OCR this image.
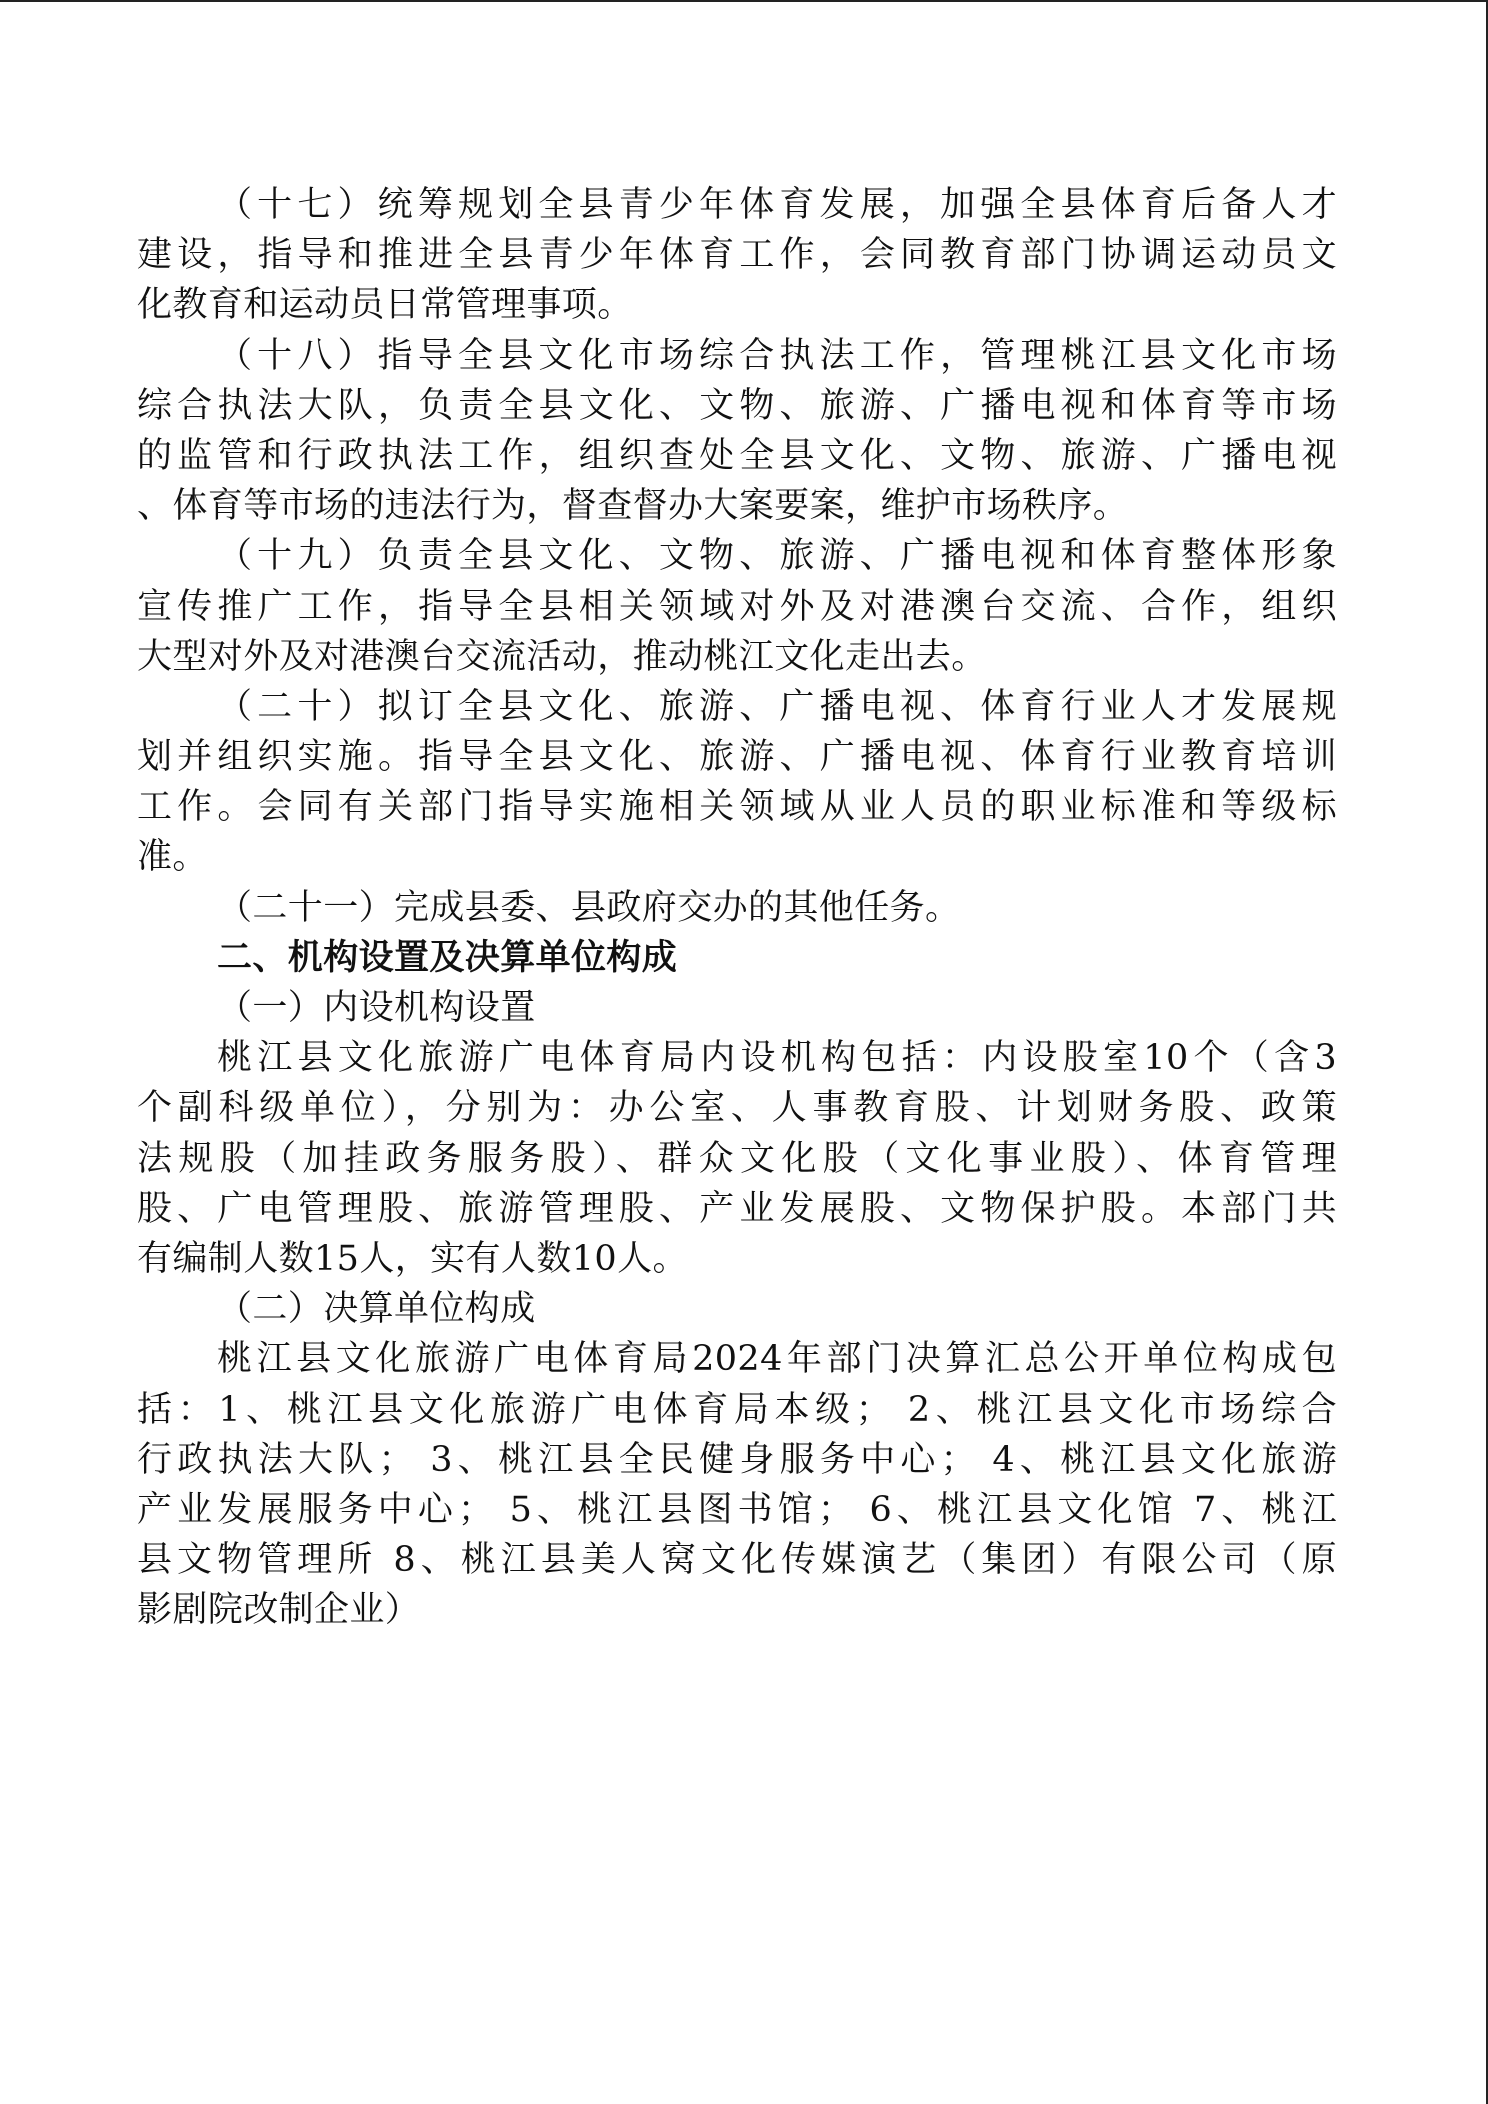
（十七）统筹规划全县青少年体育发展，加强全县体育后备人才
建设，指导和推进全县青少年体育工作，会同教育部门协调运动员文
化教育和运动员日常管理事项。

（十八）指导全县文化市场综合执法工作，管理桃江县文化市场
综合执法大队，负责全县文化、文物、旅游、广播电视和体育等市场
的监管和行政执法工作，组织查处全县文化、文物、旅游、广播电视
、体育等市场的违法行为，督查督办大案要案，维护市场秩序。

（十九）负责全县文化、文物、旅游、广播电视和体育整体形象
宣传推广工作，指导全县相关领域对外及对港澳台交流、合作，组织
大型对外及对港澳台交流活动，推动桃江文化走出去。

（二十）拟订全县文化、旅游、广播电视、体育行业人才发展规
划并组织实施。指导全县文化、旅游、广播电视、体育行业教育培训
工作。会同有关部门指导实施相关领域从业人员的职业标准和等级标
准。

（二十一）完成县委、县政府交办的其他任务。

二、机构设置及决算单位构成

（一）内设机构设置

桃江县文化旅游广电体育局内设机构包括：内设股室10个（含3
个副科级单位），分别为：办公室、人事教育股、计划财务股、政策
法规股（加挂政务服务股）、群众文化股（文化事业股）、体育管理
股、广电管理股、旅游管理股、产业发展股、文物保护股。本部门共
有编制人数15人，实有人数10人。

（二）决算单位构成

桃江县文化旅游广电体育局2024年部门决算汇总公开单位构成包
括：1、桃江县文化旅游广电体育局本级； 2、桃江县文化市场综合
行政执法大队； 3、桃江县全民健身服务中心； 4、桃江县文化旅游
产业发展服务中心； 5、桃江县图书馆； 6、桃江县文化馆 7、桃江
县文物管理所 8、桃江县美人窝文化传媒演艺（集团）有限公司（原
影剧院改制企业）
